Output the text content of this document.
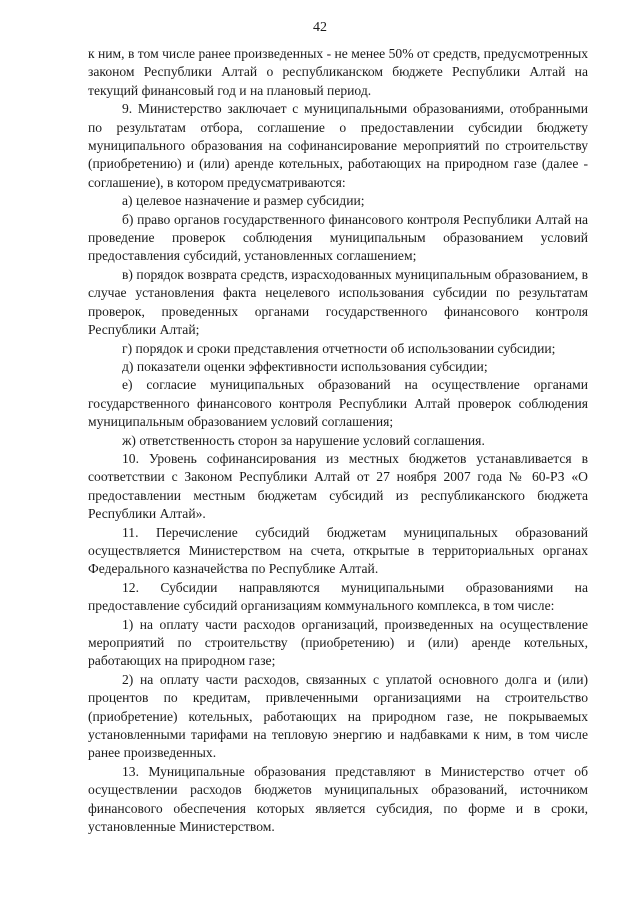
42

к ним, в том числе ранее произведенных - не менее 50% от средств, предусмотренных законом Республики Алтай о республиканском бюджете Республики Алтай на текущий финансовый год и на плановый период.

9. Министерство заключает с муниципальными образованиями, отобранными по результатам отбора, соглашение о предоставлении субсидии бюджету муниципального образования на софинансирование мероприятий по строительству (приобретению) и (или) аренде котельных, работающих на природном газе (далее - соглашение), в котором предусматриваются:

а) целевое назначение и размер субсидии;

б) право органов государственного финансового контроля Республики Алтай на проведение проверок соблюдения муниципальным образованием условий предоставления субсидий, установленных соглашением;

в) порядок возврата средств, израсходованных муниципальным образованием, в случае установления факта нецелевого использования субсидии по результатам проверок, проведенных органами государственного финансового контроля Республики Алтай;

г) порядок и сроки представления отчетности об использовании субсидии;

д) показатели оценки эффективности использования субсидии;

е) согласие муниципальных образований на осуществление органами государственного финансового контроля Республики Алтай проверок соблюдения муниципальным образованием условий соглашения;

ж) ответственность сторон за нарушение условий соглашения.

10. Уровень софинансирования из местных бюджетов устанавливается в соответствии с Законом Республики Алтай от 27 ноября 2007 года № 60-РЗ «О предоставлении местным бюджетам субсидий из республиканского бюджета Республики Алтай».

11. Перечисление субсидий бюджетам муниципальных образований осуществляется Министерством на счета, открытые в территориальных органах Федерального казначейства по Республике Алтай.

12. Субсидии направляются муниципальными образованиями на предоставление субсидий организациям коммунального комплекса, в том числе:

1) на оплату части расходов организаций, произведенных на осуществление мероприятий по строительству (приобретению) и (или) аренде котельных, работающих на природном газе;

2) на оплату части расходов, связанных с уплатой основного долга и (или) процентов по кредитам, привлеченными организациями на строительство (приобретение) котельных, работающих на природном газе, не покрываемых установленными тарифами на тепловую энергию и надбавками к ним, в том числе ранее произведенных.

13. Муниципальные образования представляют в Министерство отчет об осуществлении расходов бюджетов муниципальных образований, источником финансового обеспечения которых является субсидия, по форме и в сроки, установленные Министерством.
